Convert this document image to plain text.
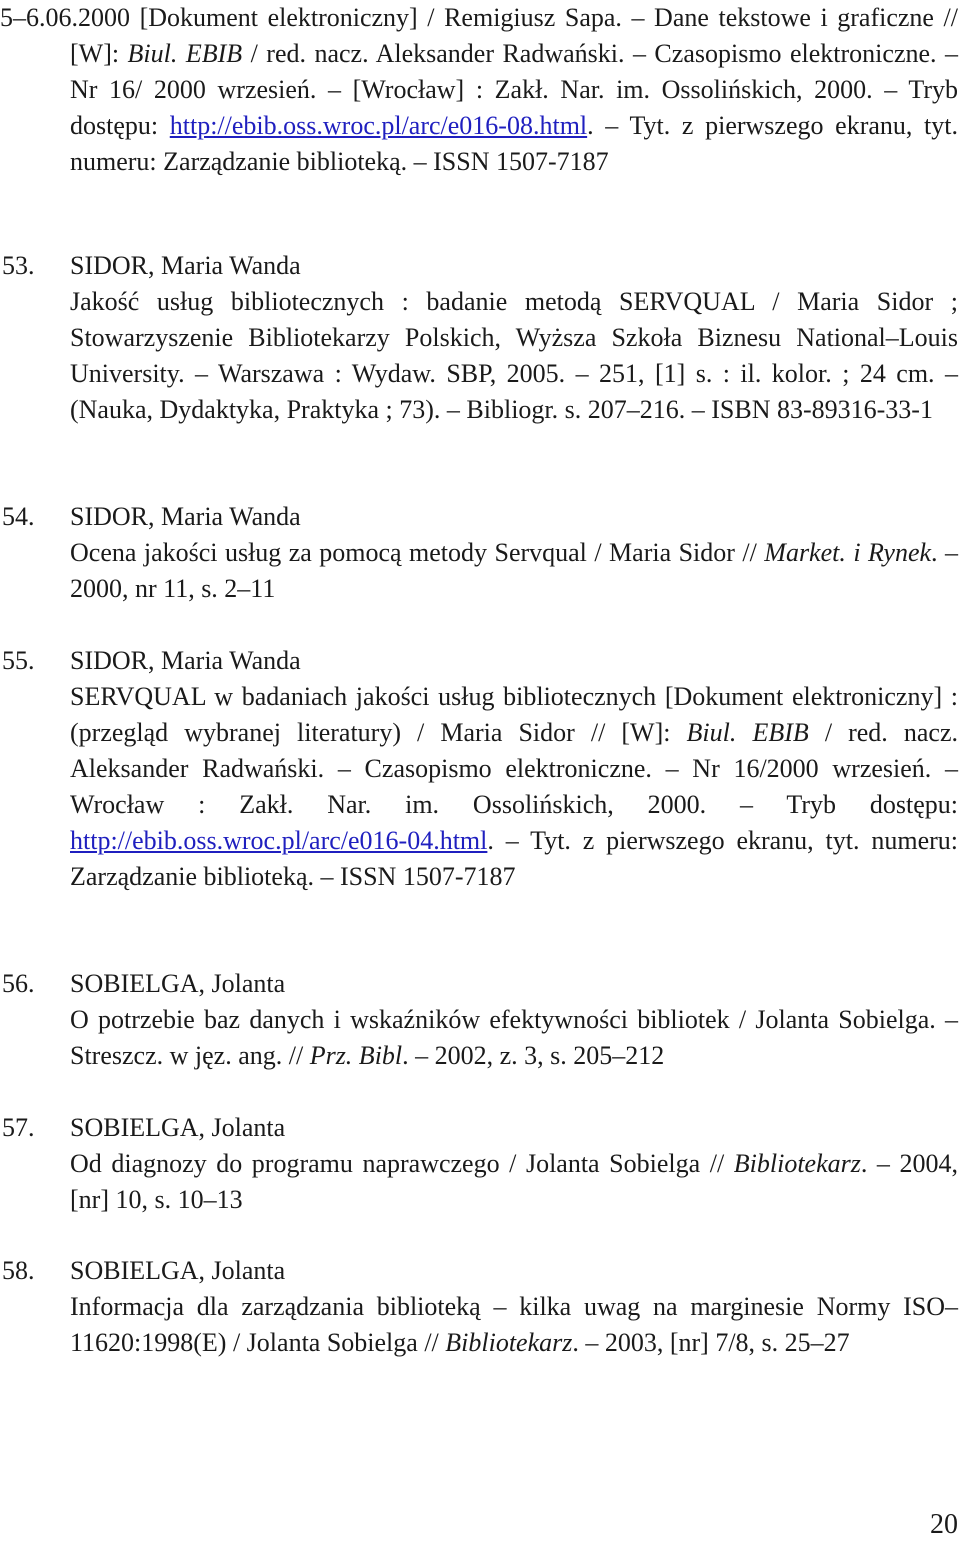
5–6.06.2000 [Dokument elektroniczny] / Remigiusz Sapa. – Dane tekstowe i graficzne // [W]: Biul. EBIB / red. nacz. Aleksander Radwański. – Czasopismo elektroniczne. – Nr 16/ 2000 wrzesień. – [Wrocław] : Zakł. Nar. im. Ossolińskich, 2000. – Tryb dostępu: http://ebib.oss.wroc.pl/arc/e016-08.html. – Tyt. z pierwszego ekranu, tyt. numeru: Zarządzanie biblioteką. – ISSN 1507-7187
53.	SIDOR, Maria Wanda
Jakość usług bibliotecznych : badanie metodą SERVQUAL / Maria Sidor ; Stowarzyszenie Bibliotekarzy Polskich, Wyższa Szkoła Biznesu National–Louis University. – Warszawa : Wydaw. SBP, 2005. – 251, [1] s. : il. kolor. ; 24 cm. – (Nauka, Dydaktyka, Praktyka ; 73). – Bibliogr. s. 207–216. – ISBN 83-89316-33-1
54.	SIDOR, Maria Wanda
Ocena jakości usług za pomocą metody Servqual / Maria Sidor // Market. i Rynek. – 2000, nr 11, s. 2–11
55.	SIDOR, Maria Wanda
SERVQUAL w badaniach jakości usług bibliotecznych [Dokument elektroniczny] : (przegląd wybranej literatury) / Maria Sidor // [W]: Biul. EBIB / red. nacz. Aleksander Radwański. – Czasopismo elektroniczne. – Nr 16/2000 wrzesień. – Wrocław : Zakł. Nar. im. Ossolińskich, 2000. – Tryb dostępu: http://ebib.oss.wroc.pl/arc/e016-04.html. – Tyt. z pierwszego ekranu, tyt. numeru: Zarządzanie biblioteką. – ISSN 1507-7187
56.	SOBIELGA, Jolanta
O potrzebie baz danych i wskaźników efektywności bibliotek / Jolanta Sobielga. – Streszcz. w jęz. ang. // Prz. Bibl. – 2002, z. 3, s. 205–212
57.	SOBIELGA, Jolanta
Od diagnozy do programu naprawczego / Jolanta Sobielga // Bibliotekarz. – 2004, [nr] 10, s. 10–13
58.	SOBIELGA, Jolanta
Informacja dla zarządzania biblioteką – kilka uwag na marginesie Normy ISO–11620:1998(E) / Jolanta Sobielga // Bibliotekarz. – 2003, [nr] 7/8, s. 25–27
20
